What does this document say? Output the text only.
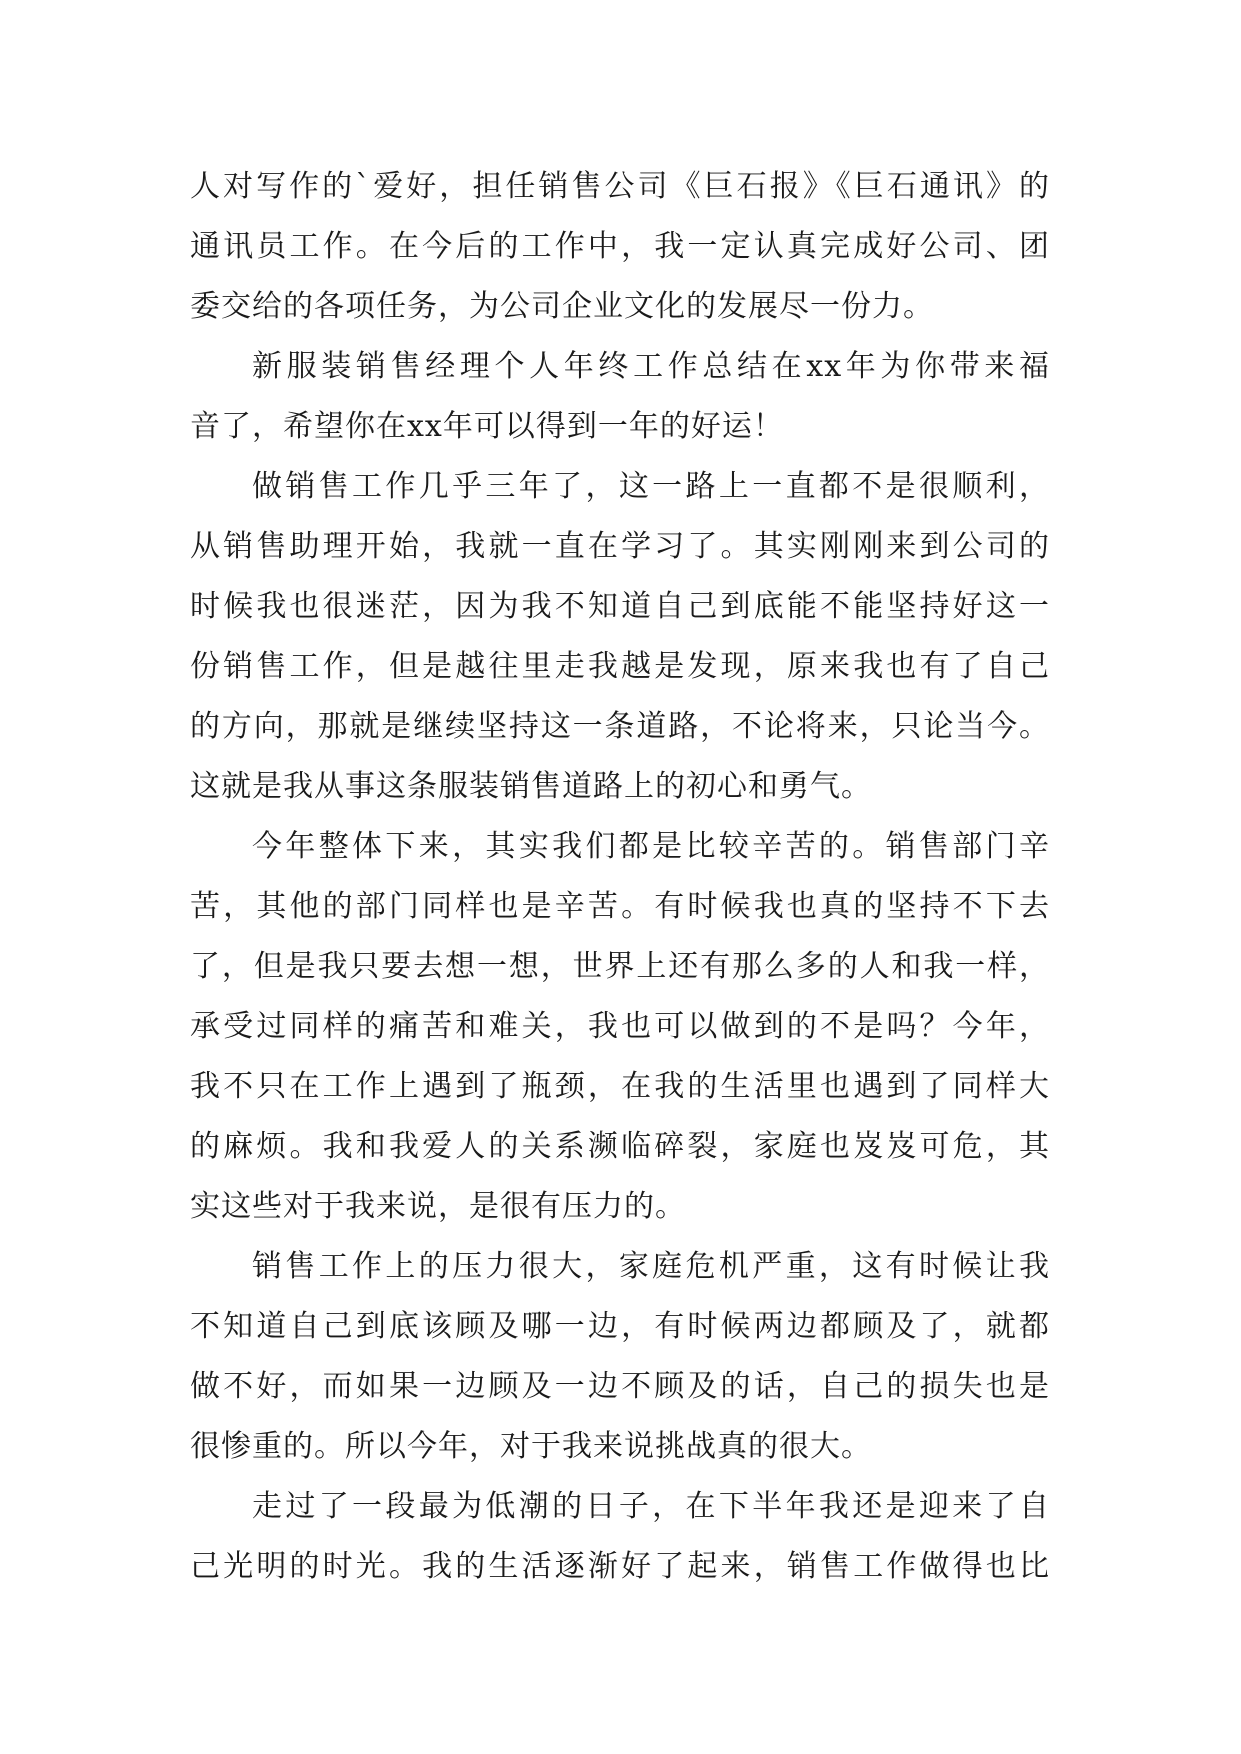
人对写作的`爱好，担任销售公司《巨石报》《巨石通讯》的
通讯员工作。在今后的工作中，我一定认真完成好公司、团
委交给的各项任务，为公司企业文化的发展尽一份力。
新服装销售经理个人年终工作总结在xx年为你带来福
音了，希望你在xx年可以得到一年的好运！
做销售工作几乎三年了，这一路上一直都不是很顺利，
从销售助理开始，我就一直在学习了。其实刚刚来到公司的
时候我也很迷茫，因为我不知道自己到底能不能坚持好这一
份销售工作，但是越往里走我越是发现，原来我也有了自己
的方向，那就是继续坚持这一条道路，不论将来，只论当今。
这就是我从事这条服装销售道路上的初心和勇气。
今年整体下来，其实我们都是比较辛苦的。销售部门辛
苦，其他的部门同样也是辛苦。有时候我也真的坚持不下去
了，但是我只要去想一想，世界上还有那么多的人和我一样，
承受过同样的痛苦和难关，我也可以做到的不是吗？今年，
我不只在工作上遇到了瓶颈，在我的生活里也遇到了同样大
的麻烦。我和我爱人的关系濒临碎裂，家庭也岌岌可危，其
实这些对于我来说，是很有压力的。
销售工作上的压力很大，家庭危机严重，这有时候让我
不知道自己到底该顾及哪一边，有时候两边都顾及了，就都
做不好，而如果一边顾及一边不顾及的话，自己的损失也是
很惨重的。所以今年，对于我来说挑战真的很大。
走过了一段最为低潮的日子，在下半年我还是迎来了自
己光明的时光。我的生活逐渐好了起来，销售工作做得也比
